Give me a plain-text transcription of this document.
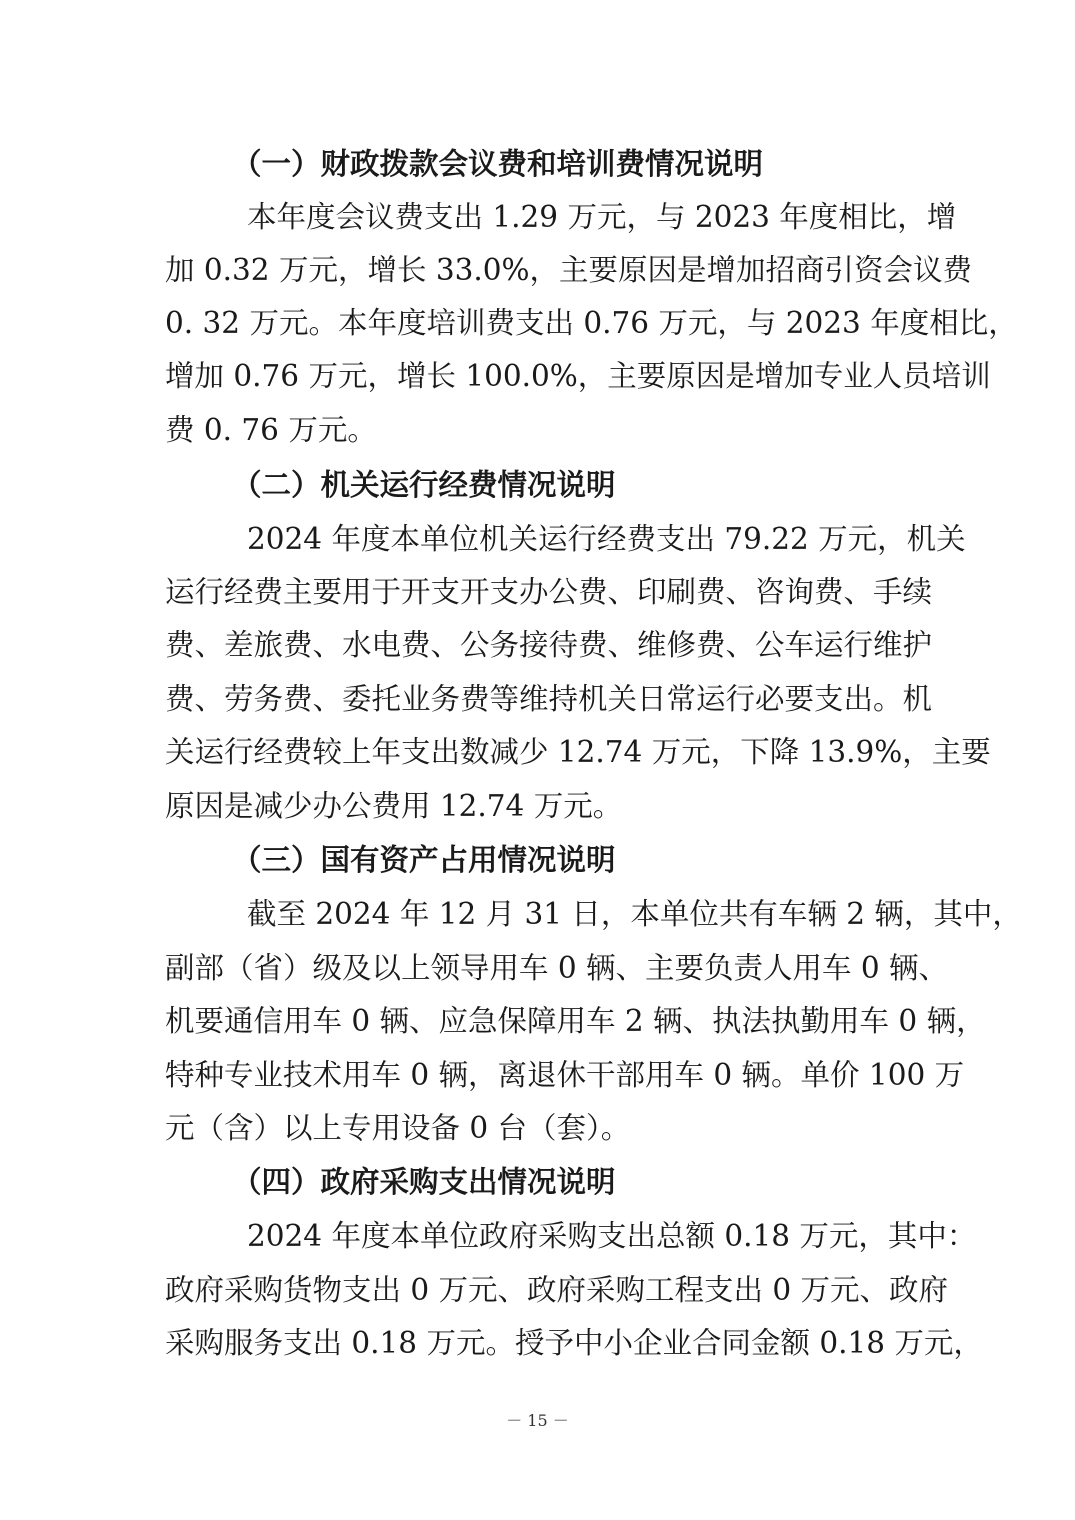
（一）财政拨款会议费和培训费情况说明
本年度会议费支出 1.29 万元，与 2023 年度相比，增
加 0.32 万元，增长 33.0%，主要原因是增加招商引资会议费
0. 32 万元。本年度培训费支出 0.76 万元，与 2023 年度相比，
增加 0.76 万元，增长 100.0%，主要原因是增加专业人员培训
费 0. 76 万元。
（二）机关运行经费情况说明
2024 年度本单位机关运行经费支出 79.22 万元，机关
运行经费主要用于开支开支办公费、印刷费、咨询费、手续
费、差旅费、水电费、公务接待费、维修费、公车运行维护
费、劳务费、委托业务费等维持机关日常运行必要支出。机
关运行经费较上年支出数减少 12.74 万元，下降 13.9%，主要
原因是减少办公费用 12.74 万元。
（三）国有资产占用情况说明
截至 2024 年 12 月 31 日，本单位共有车辆 2 辆，其中，
副部（省）级及以上领导用车 0 辆、主要负责人用车 0 辆、
机要通信用车 0 辆、应急保障用车 2 辆、执法执勤用车 0 辆，
特种专业技术用车 0 辆，离退休干部用车 0 辆。单价 100 万
元（含）以上专用设备 0 台（套）。
（四）政府采购支出情况说明
2024 年度本单位政府采购支出总额 0.18 万元，其中：
政府采购货物支出 0 万元、政府采购工程支出 0 万元、政府
采购服务支出 0.18 万元。授予中小企业合同金额 0.18 万元，
－ 15 －
